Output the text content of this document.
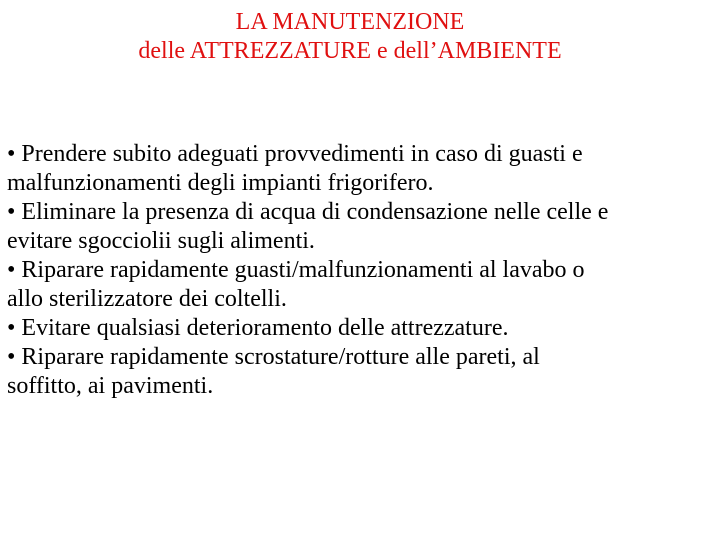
LA MANUTENZIONE
delle ATTREZZATURE e dell’AMBIENTE
• Prendere subito adeguati provvedimenti in caso di guasti e
malfunzionamenti degli impianti frigorifero.
• Eliminare la presenza di acqua di condensazione nelle celle e
evitare sgocciolii sugli alimenti.
• Riparare rapidamente guasti/malfunzionamenti al lavabo o
allo sterilizzatore dei coltelli.
• Evitare qualsiasi deterioramento delle attrezzature.
• Riparare rapidamente scrostature/rotture alle pareti, al
soffitto, ai pavimenti.
